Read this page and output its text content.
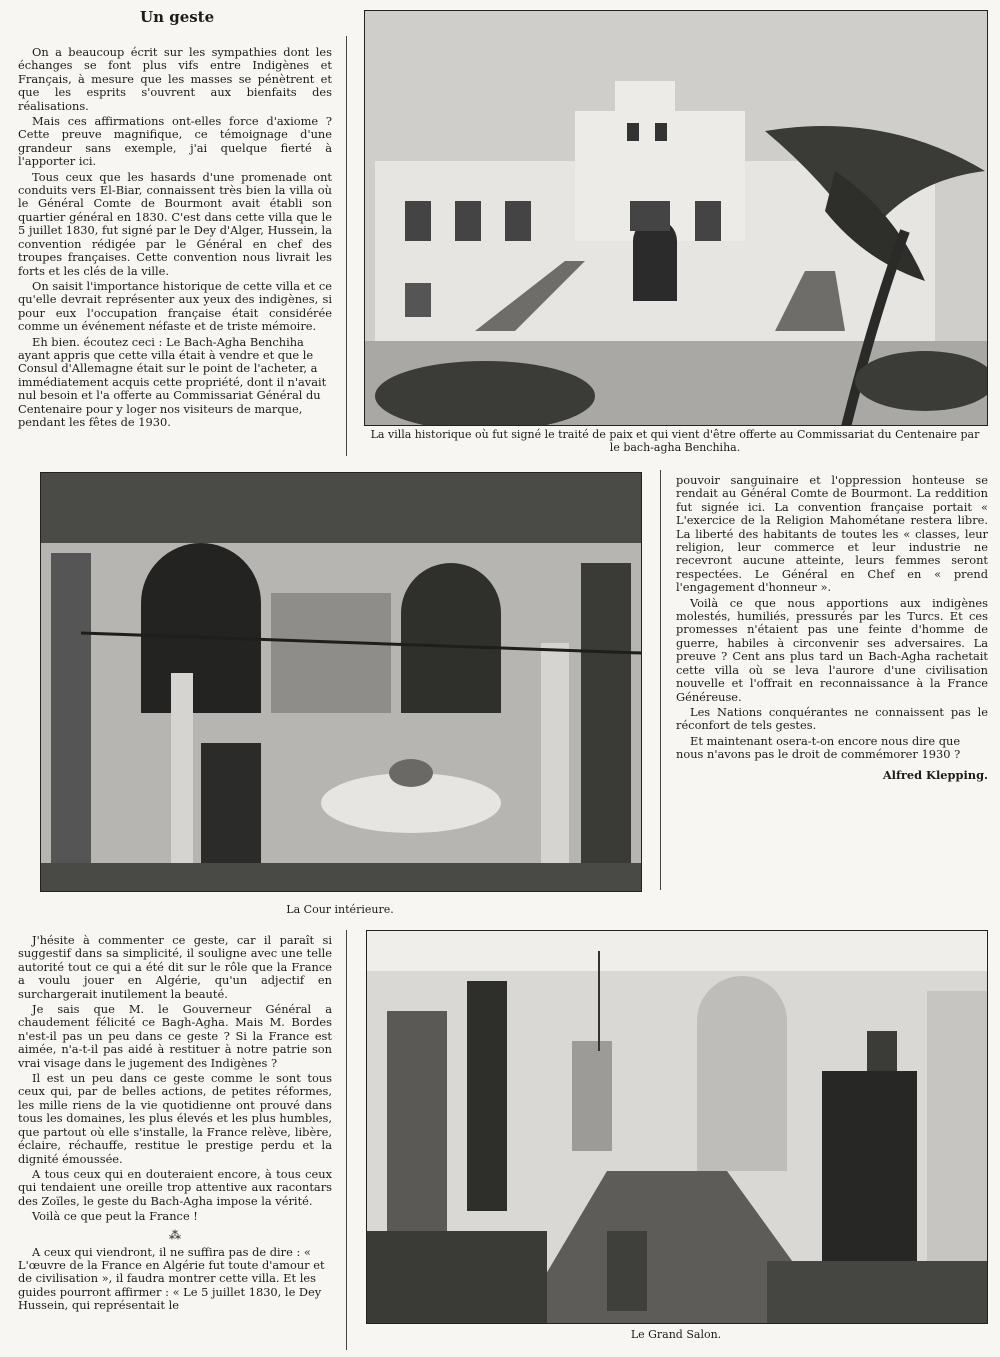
Un geste

On a beaucoup écrit sur les sympathies dont les échanges se font plus vifs entre Indigènes et Français, à mesure que les masses se pénètrent et que les esprits s'ouvrent aux bienfaits des réalisations.

Mais ces affirmations ont-elles force d'axiome ? Cette preuve magnifique, ce témoignage d'une grandeur sans exemple, j'ai quelque fierté à l'apporter ici.

Tous ceux que les hasards d'une promenade ont conduits vers El-Biar, connaissent très bien la villa où le Général Comte de Bourmont avait établi son quartier général en 1830. C'est dans cette villa que le 5 juillet 1830, fut signé par le Dey d'Alger, Hussein, la convention rédigée par le Général en chef des troupes françaises. Cette convention nous livrait les forts et les clés de la ville.

On saisit l'importance historique de cette villa et ce qu'elle devrait représenter aux yeux des indigènes, si pour eux l'occupation française était considérée comme un événement néfaste et de triste mémoire.

Eh bien. écoutez ceci : Le Bach-Agha Benchiha ayant appris que cette villa était à vendre et que le Consul d'Allemagne était sur le point de l'acheter, a immédiatement acquis cette propriété, dont il n'avait nul besoin et l'a offerte au Commissariat Général du Centenaire pour y loger nos visiteurs de marque, pendant les fêtes de 1930.

La villa historique où fut signé le traité de paix et qui vient d'être offerte au Commissariat du Centenaire par le bach-agha Benchiha.
La Cour intérieure.

pouvoir sanguinaire et l'oppression honteuse se rendait au Général Comte de Bourmont. La reddition fut signée ici. La convention française portait « L'exercice de la Religion Mahométane restera libre. La liberté des habitants de toutes les « classes, leur religion, leur commerce et leur industrie ne recevront aucune atteinte, leurs femmes seront respectées. Le Général en Chef en « prend l'engagement d'honneur ».

Voilà ce que nous apportions aux indigènes molestés, humiliés, pressurés par les Turcs. Et ces promesses n'étaient pas une feinte d'homme de guerre, habiles à circonvenir ses adversaires. La preuve ? Cent ans plus tard un Bach-Agha rachetait cette villa où se leva l'aurore d'une civilisation nouvelle et l'offrait en reconnaissance à la France Généreuse.

Les Nations conquérantes ne connaissent pas le réconfort de tels gestes.

Et maintenant osera-t-on encore nous dire que nous n'avons pas le droit de commémorer 1930 ?

Alfred Klepping.

J'hésite à commenter ce geste, car il paraît si suggestif dans sa simplicité, il souligne avec une telle autorité tout ce qui a été dit sur le rôle que la France a voulu jouer en Algérie, qu'un adjectif en surchargerait inutilement la beauté.

Je sais que M. le Gouverneur Général a chaudement félicité ce Bagh-Agha. Mais M. Bordes n'est-il pas un peu dans ce geste ? Si la France est aimée, n'a-t-il pas aidé à restituer à notre patrie son vrai visage dans le jugement des Indigènes ?

Il est un peu dans ce geste comme le sont tous ceux qui, par de belles actions, de petites réformes, les mille riens de la vie quotidienne ont prouvé dans tous les domaines, les plus élevés et les plus humbles, que partout où elle s'installe, la France relève, libère, éclaire, réchauffe, restitue le prestige perdu et la dignité émoussée.

A tous ceux qui en douteraient encore, à tous ceux qui tendaient une oreille trop attentive aux racontars des Zoïles, le geste du Bach-Agha impose la vérité.

Voilà ce que peut la France !

⁂

A ceux qui viendront, il ne suffira pas de dire : « L'œuvre de la France en Algérie fut toute d'amour et de civilisation », il faudra montrer cette villa. Et les guides pourront affirmer : « Le 5 juillet 1830, le Dey Hussein, qui représentait le

Le Grand Salon.
